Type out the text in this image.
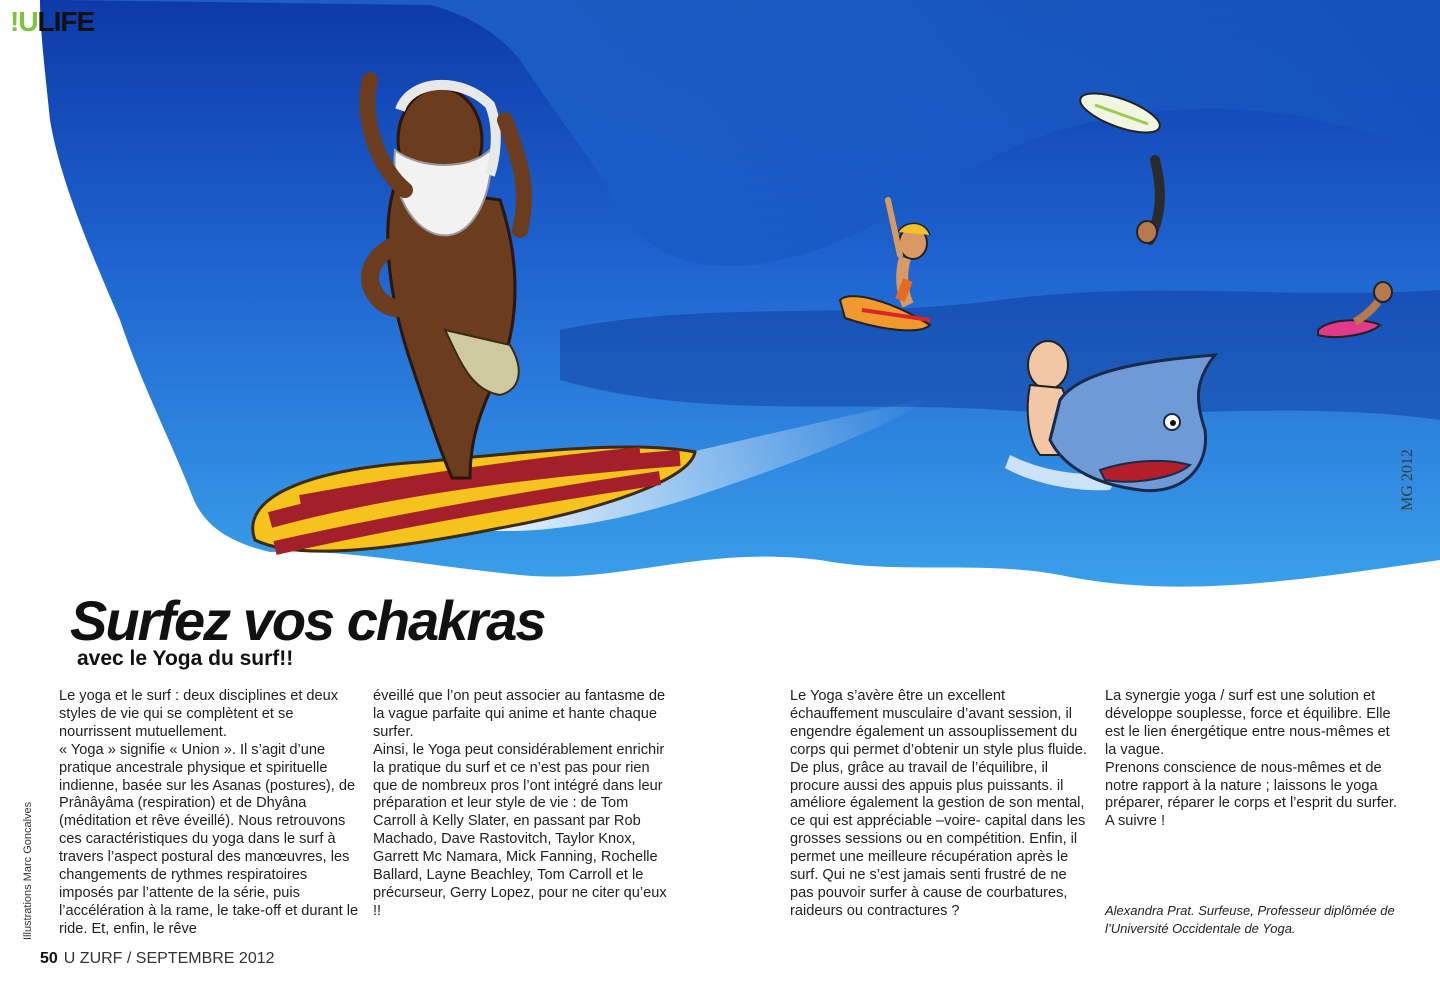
MG 2012
!ULIFE
Surfez vos chakras
avec le Yoga du surf!!

Le yoga et le surf : deux disciplines et deux styles de vie qui se complètent et se nourrissent mutuellement.
« Yoga » signifie « Union ». Il s’agit d’une pratique ancestrale physique et spirituelle indienne, basée sur les Asanas (postures), de Prânâyâma (respiration) et de Dhyâna (méditation et rêve éveillé). Nous retrouvons ces caractéristiques du yoga dans le surf à travers l’aspect postural des manœuvres, les changements de rythmes respiratoires imposés par l’attente de la série, puis l’accélération à la rame, le take-off et durant le ride. Et, enfin, le rêve

éveillé que l’on peut associer au fantasme de la vague parfaite qui anime et hante chaque surfer.
Ainsi, le Yoga peut considérablement enrichir la pratique du surf et ce n’est pas pour rien que de nombreux pros l’ont intégré dans leur préparation et leur style de vie : de Tom Carroll à Kelly Slater, en passant par Rob Machado, Dave Rastovitch, Taylor Knox, Garrett Mc Namara, Mick Fanning, Rochelle Ballard, Layne Beachley, Tom Carroll et le précurseur, Gerry Lopez, pour ne citer qu’eux !!

Le Yoga s’avère être un excellent échauffement musculaire d’avant session, il engendre également un assouplissement du corps qui permet d’obtenir un style plus fluide. De plus, grâce au travail de l’équilibre, il procure aussi des appuis plus puissants. il améliore également la gestion de son mental, ce qui est appréciable –voire- capital dans les grosses sessions ou en compétition. Enfin, il permet une meilleure récupération après le surf. Qui ne s’est jamais senti frustré de ne pas pouvoir surfer à cause de courbatures, raideurs ou contractures ?

La synergie yoga / surf est une solution et développe souplesse, force et équilibre. Elle est le lien énergétique entre nous-mêmes et la vague.
Prenons conscience de nous-mêmes et de notre rapport à la nature ; laissons le yoga préparer, réparer le corps et l’esprit du surfer. A suivre !

Alexandra Prat. Surfeuse, Professeur diplômée de l’Université Occidentale de Yoga.

Illustrations Marc Goncalves
50 U ZURF / SEPTEMBRE 2012
